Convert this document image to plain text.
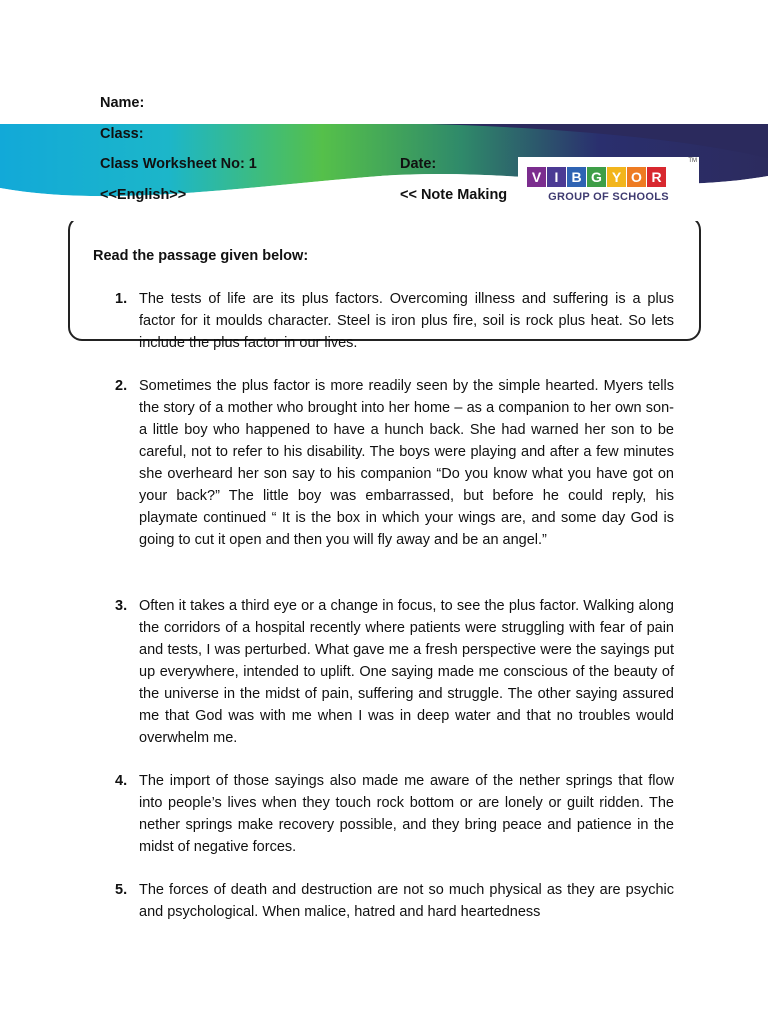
Name:
Class:
Class Worksheet No: 1	Date:
<<English>>	<< Note Making
V I B G Y O R
GROUP OF SCHOOLS
TM
Read the passage given below:
1. The tests of life are its plus factors. Overcoming illness and suffering is a plus factor for it moulds character. Steel is iron plus fire, soil is rock plus heat. So lets include the plus factor in our lives.
2. Sometimes the plus factor is more readily seen by the simple hearted. Myers tells the story of a mother who brought into her home – as a companion to her own son- a little boy who happened to have a hunch back. She had warned her son to be careful, not to refer to his disability. The boys were playing and after a few minutes she overheard her son say to his companion “Do you know what you have got on your back?” The little boy was embarrassed, but before he could reply, his playmate continued “ It is the box in which your wings are, and some day God is going to cut it open and then you will fly away and be an angel.”
3. Often it takes a third eye or a change in focus, to see the plus factor. Walking along the corridors of a hospital recently where patients were struggling with fear of pain and tests, I was perturbed. What gave me a fresh perspective were the sayings put up everywhere, intended to uplift. One saying made me conscious of the beauty of the universe in the midst of pain, suffering and struggle. The other saying assured me that God was with me when I was in deep water and that no troubles would overwhelm me.
4. The import of those sayings also made me aware of the nether springs that flow into people’s lives when they touch rock bottom or are lonely or guilt ridden. The nether springs make recovery possible, and they bring peace and patience in the midst of negative forces.
5. The forces of death and destruction are not so much physical as they are psychic and psychological. When malice, hatred and hard heartedness
